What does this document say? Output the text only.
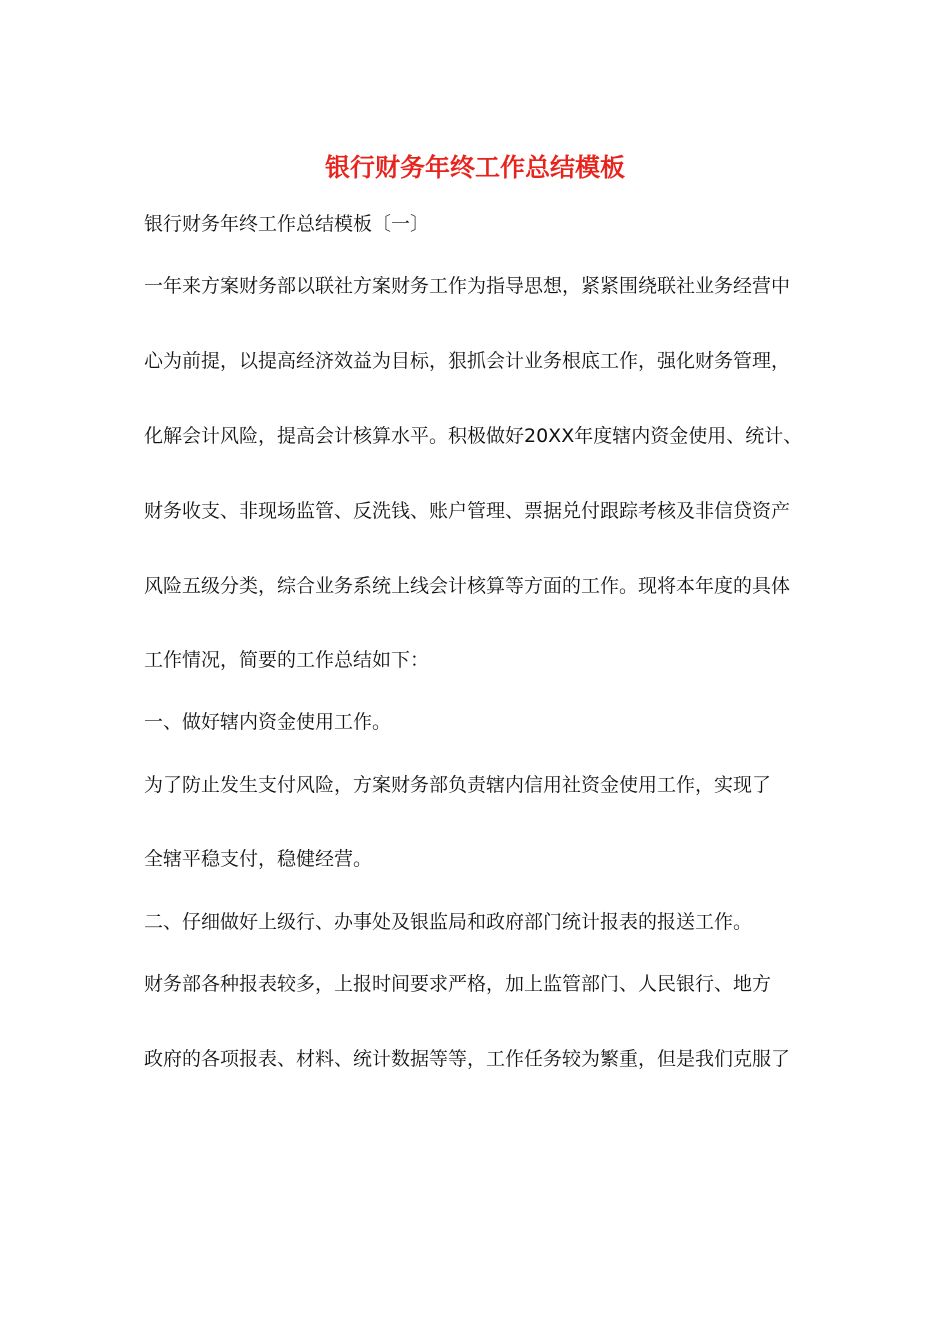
银行财务年终工作总结模板

银行财务年终工作总结模板〔一〕

一年来方案财务部以联社方案财务工作为指导思想，紧紧围绕联社业务经营中

心为前提，以提高经济效益为目标，狠抓会计业务根底工作，强化财务管理，

化解会计风险，提高会计核算水平。积极做好20XX年度辖内资金使用、统计、

财务收支、非现场监管、反洗钱、账户管理、票据兑付跟踪考核及非信贷资产

风险五级分类，综合业务系统上线会计核算等方面的工作。现将本年度的具体

工作情况，简要的工作总结如下：

一、做好辖内资金使用工作。

为了防止发生支付风险，方案财务部负责辖内信用社资金使用工作，实现了

全辖平稳支付，稳健经营。

二、仔细做好上级行、办事处及银监局和政府部门统计报表的报送工作。

财务部各种报表较多，上报时间要求严格，加上监管部门、人民银行、地方

政府的各项报表、材料、统计数据等等，工作任务较为繁重，但是我们克服了
